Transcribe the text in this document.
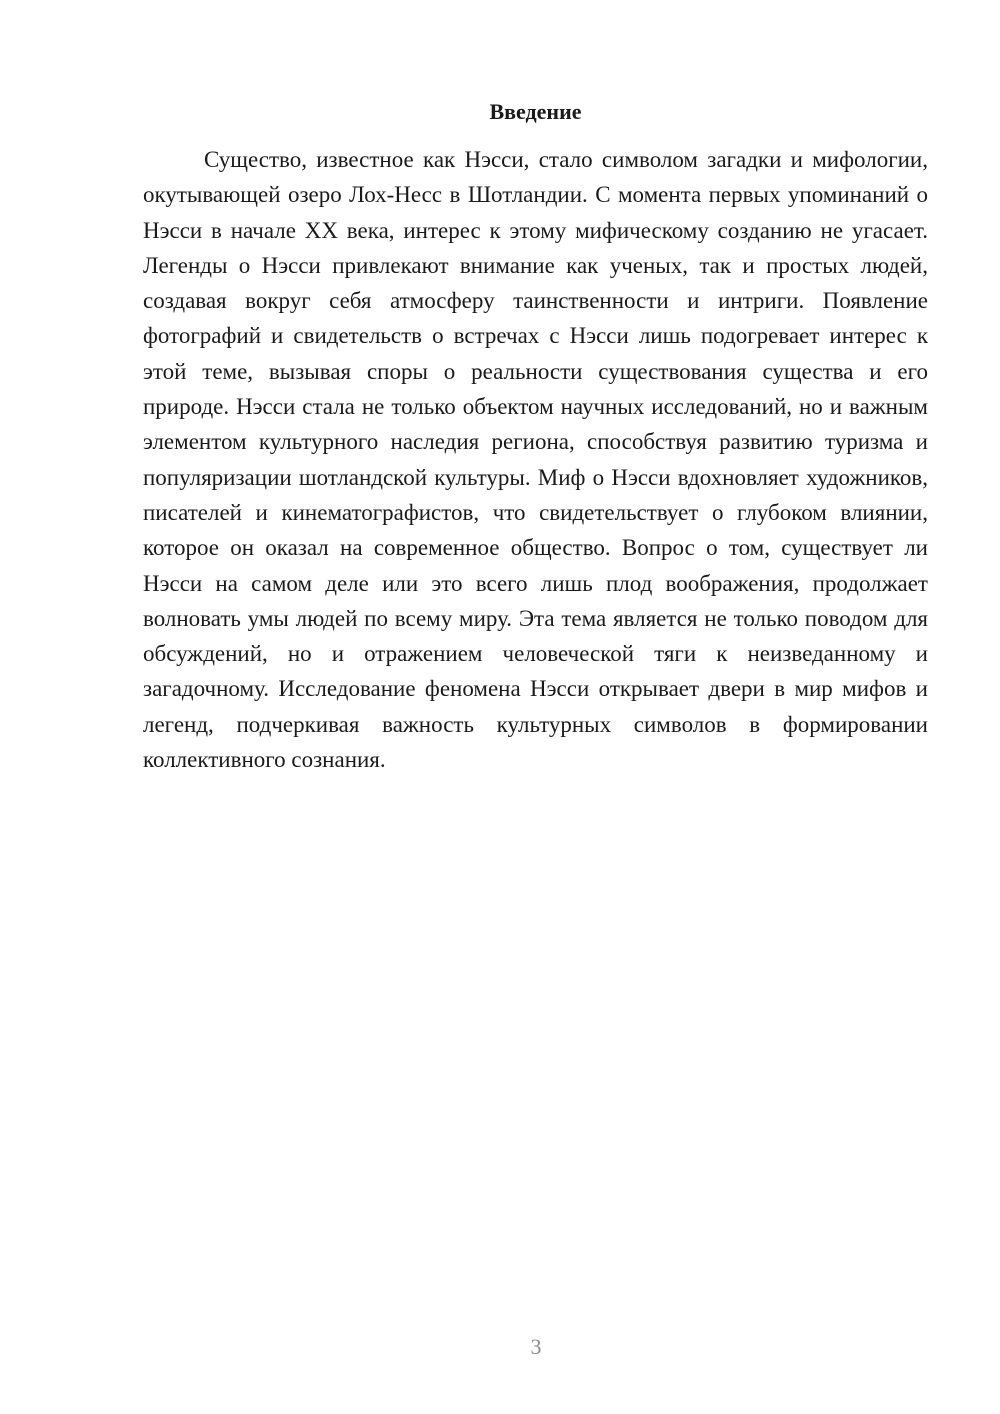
Введение

Существо, известное как Нэсси, стало символом загадки и мифологии, окутывающей озеро Лох-Несс в Шотландии. С момента первых упоминаний о Нэсси в начале XX века, интерес к этому мифическому созданию не угасает. Легенды о Нэсси привлекают внимание как ученых, так и простых людей, создавая вокруг себя атмосферу таинственности и интриги. Появление фотографий и свидетельств о встречах с Нэсси лишь подогревает интерес к этой теме, вызывая споры о реальности существования существа и его природе. Нэсси стала не только объектом научных исследований, но и важным элементом культурного наследия региона, способствуя развитию туризма и популяризации шотландской культуры. Миф о Нэсси вдохновляет художников, писателей и кинематографистов, что свидетельствует о глубоком влиянии, которое он оказал на современное общество. Вопрос о том, существует ли Нэсси на самом деле или это всего лишь плод воображения, продолжает волновать умы людей по всему миру. Эта тема является не только поводом для обсуждений, но и отражением человеческой тяги к неизведанному и загадочному. Исследование феномена Нэсси открывает двери в мир мифов и легенд, подчеркивая важность культурных символов в формировании коллективного сознания.

3
